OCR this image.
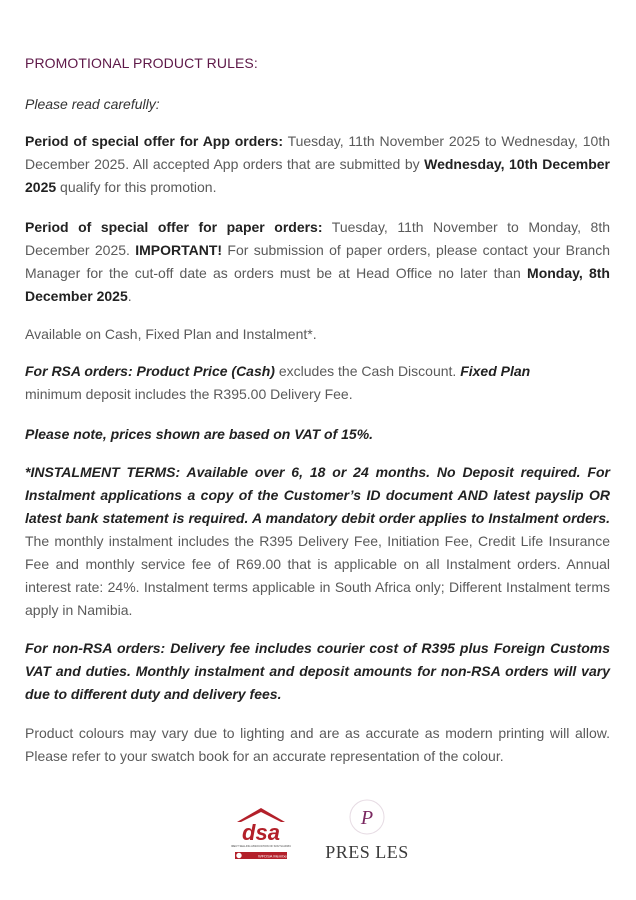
PROMOTIONAL PRODUCT RULES:

Please read carefully:

Period of special offer for App orders: Tuesday, 11th November 2025 to Wednesday, 10th December 2025. All accepted App orders that are submitted by Wednesday, 10th December 2025 qualify for this promotion.

Period of special offer for paper orders: Tuesday, 11th November to Monday, 8th December 2025. IMPORTANT! For submission of paper orders, please contact your Branch Manager for the cut-off date as orders must be at Head Office no later than Monday, 8th December 2025.

Available on Cash, Fixed Plan and Instalment*.

For RSA orders: Product Price (Cash) excludes the Cash Discount. Fixed Plan minimum deposit includes the R395.00 Delivery Fee.

Please note, prices shown are based on VAT of 15%.

*INSTALMENT TERMS: Available over 6, 18 or 24 months. No Deposit required. For Instalment applications a copy of the Customer’s ID document AND latest payslip OR latest bank statement is required. A mandatory debit order applies to Instalment orders. The monthly instalment includes the R395 Delivery Fee, Initiation Fee, Credit Life Insurance Fee and monthly service fee of R69.00 that is applicable on all Instalment orders. Annual interest rate: 24%. Instalment terms applicable in South Africa only; Different Instalment terms apply in Namibia.

For non-RSA orders: Delivery fee includes courier cost of R395 plus Foreign Customs VAT and duties. Monthly instalment and deposit amounts for non-RSA orders will vary due to different duty and delivery fees.

Product colours may vary due to lighting and are as accurate as modern printing will allow. Please refer to your swatch book for an accurate representation of the colour.

dsa
DIRECT SELLING ASSOCIATION OF SOUTH AFRICA
WFDSA Member
P
PRES LES
